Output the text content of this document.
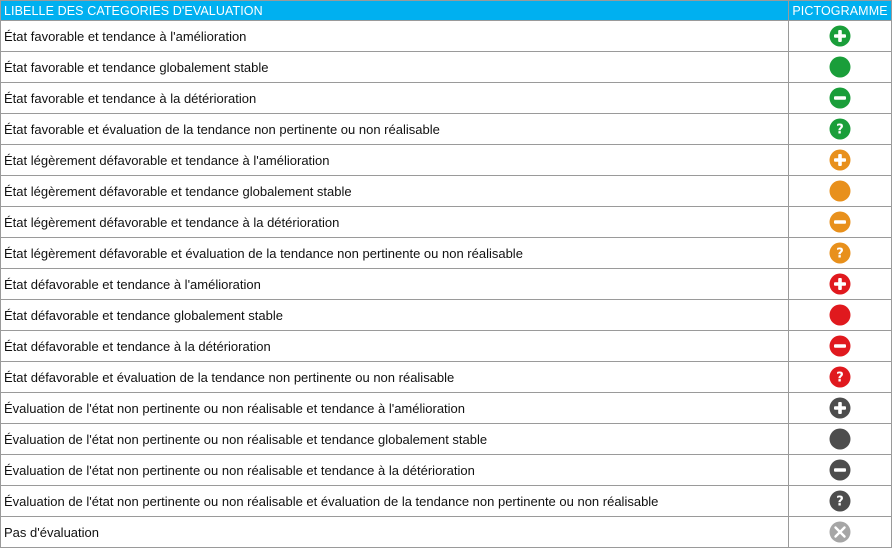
LIBELLE DES CATEGORIES D'EVALUATION	PICTOGRAMME
État favorable et tendance à l'amélioration	

État favorable et tendance globalement stable	

État favorable et tendance à la détérioration	

État favorable et évaluation de la tendance non pertinente ou non réalisable	?

État légèrement défavorable et tendance à l'amélioration	

État légèrement défavorable et tendance globalement stable	

État légèrement défavorable et tendance à la détérioration	

État légèrement défavorable et évaluation de la tendance non pertinente ou non réalisable	?

État défavorable et tendance à l'amélioration	

État défavorable et tendance globalement stable	

État défavorable et tendance à la détérioration	

État défavorable et évaluation de la tendance non pertinente ou non réalisable	?

Évaluation de l'état non pertinente ou non réalisable et tendance à l'amélioration	

Évaluation de l'état non pertinente ou non réalisable et tendance globalement stable	

Évaluation de l'état non pertinente ou non réalisable et tendance à la détérioration	

Évaluation de l'état non pertinente ou non réalisable et évaluation de la tendance non pertinente ou non réalisable	?

Pas d'évaluation	
